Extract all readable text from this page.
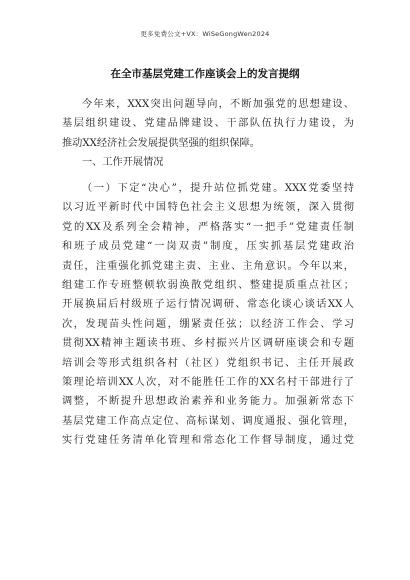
更多免费公文+VX：WiSeGongWen2024
在全市基层党建工作座谈会上的发言提纲
今年来，XXX突出问题导向，不断加强党的思想建设、
基层组织建设、党建品牌建设、干部队伍执行力建设，为
推动XX经济社会发展提供坚强的组织保障。
一、工作开展情况
（一）下定“决心”，提升站位抓党建。XXX党委坚持
以习近平新时代中国特色社会主义思想为统领，深入贯彻
党的XX及系列全会精神，严格落实“一把手”党建责任制
和班子成员党建“一岗双责”制度，压实抓基层党建政治
责任，注重强化抓党建主责、主业、主角意识。今年以来，
组建工作专班整顿软弱涣散党组织、整建提质重点社区；
开展换届后村级班子运行情况调研、常态化谈心谈话XX人
次，发现苗头性问题，绷紧责任弦；以经济工作会、学习
贯彻XX精神主题读书班、乡村振兴片区调研座谈会和专题
培训会等形式组织各村（社区）党组织书记、主任开展政
策理论培训XX人次，对不能胜任工作的XX名村干部进行了
调整，不断提升思想政治素养和业务能力。加强新常态下
基层党建工作高点定位、高标谋划、调度通报、强化管理，
实行党建任务清单化管理和常态化工作督导制度，通过党
